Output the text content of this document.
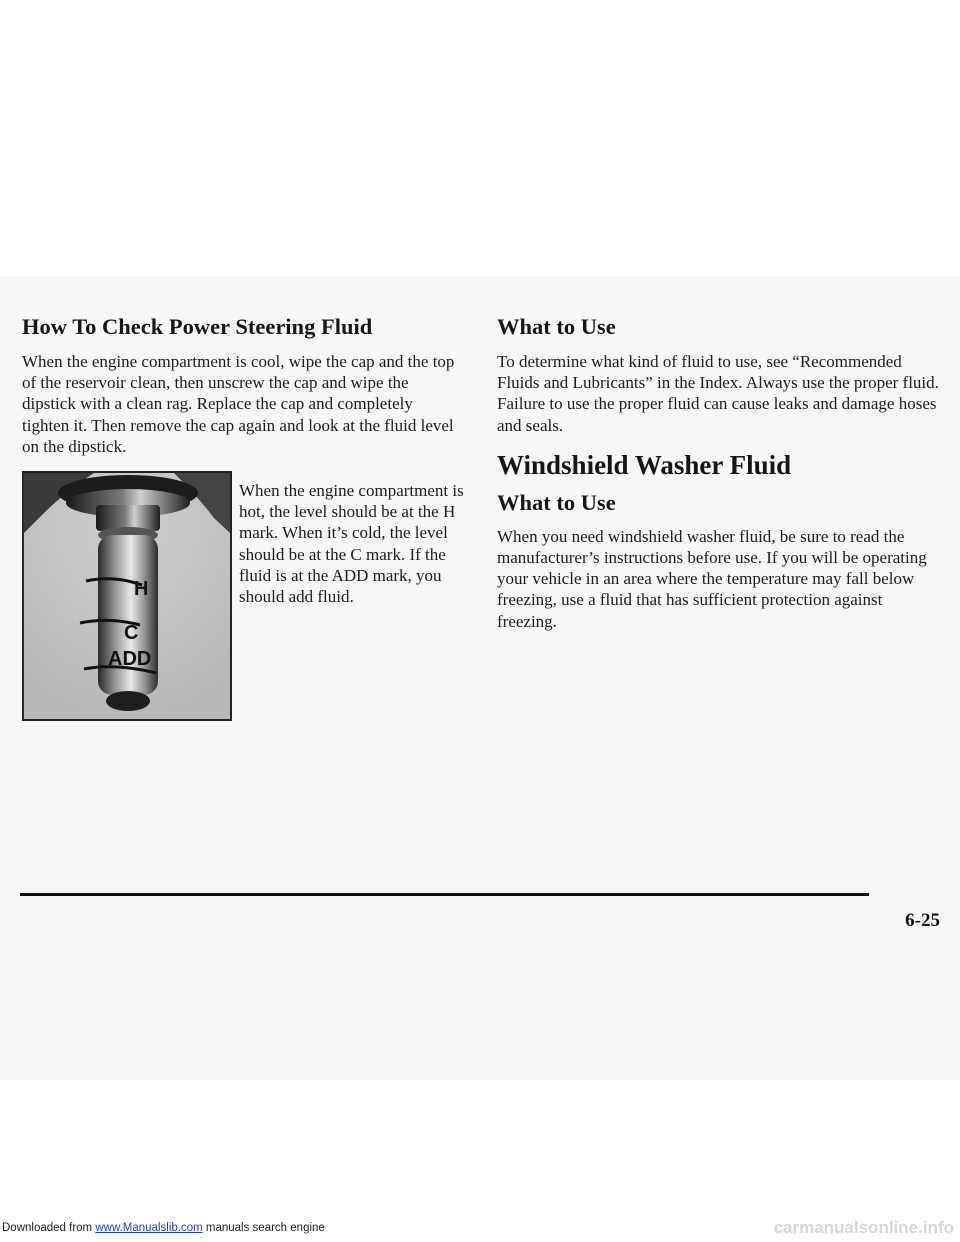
How To Check Power Steering Fluid

When the engine compartment is cool, wipe the cap and the top of the reservoir clean, then unscrew the cap and wipe the dipstick with a clean rag. Replace the cap and completely tighten it. Then remove the cap again and look at the fluid level on the dipstick.

H
C
ADD

When the engine compartment is hot, the level should be at the H mark. When it’s cold, the level should be at the C mark. If the fluid is at the ADD mark, you should add fluid.

What to Use

To determine what kind of fluid to use, see “Recommended Fluids and Lubricants” in the Index. Always use the proper fluid. Failure to use the proper fluid can cause leaks and damage hoses and seals.

Windshield Washer Fluid
What to Use

When you need windshield washer fluid, be sure to read the manufacturer’s instructions before use. If you will be operating your vehicle in an area where the temperature may fall below freezing, use a fluid that has sufficient protection against freezing.

6-25
Downloaded from www.Manualslib.com manuals search engine	carmanualsonline.info
